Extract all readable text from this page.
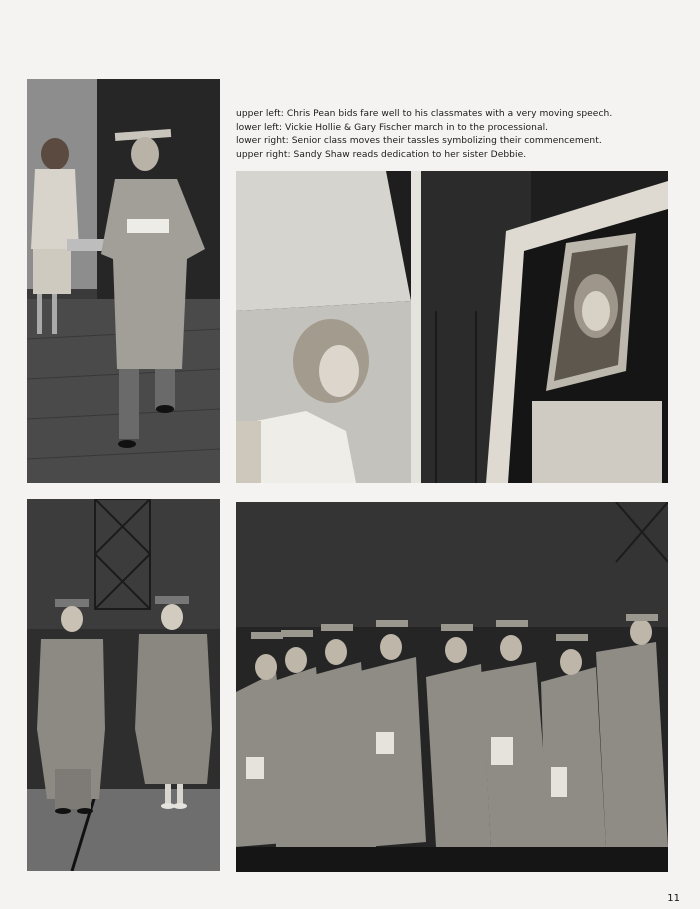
upper left: Chris Pean bids fare well to his classmates with a very moving speech.
lower left: Vickie Hollie & Gary Fischer march in to the processional.
lower right: Senior class moves their tassles symbolizing their commencement.
upper right: Sandy Shaw reads dedication to her sister Debbie.
11
